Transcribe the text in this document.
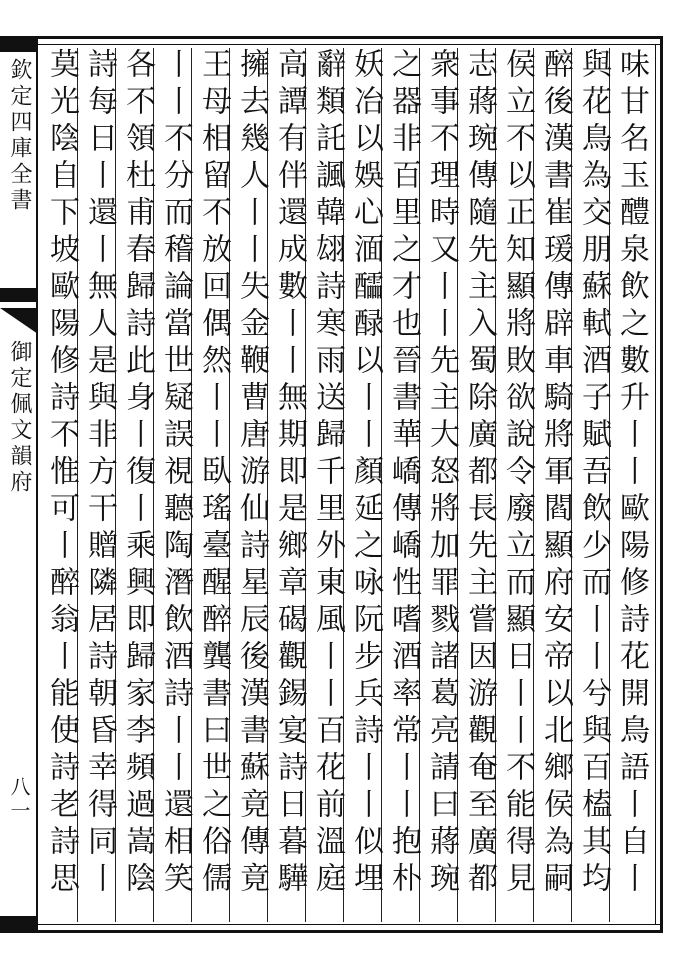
欽定四庫全書
御定佩文韻府
八一
味甘名玉醴泉飲之數升丨丨歐陽修詩花開鳥語丨自丨
與花鳥為交朋蘇軾酒子賦吾飲少而丨丨兮與百榼其均
醉後漢書崔瑗傳辟車騎將軍閻顯府安帝以北鄉侯為嗣
侯立不以正知顯將敗欲說令廢立而顯日丨丨不能得見
志蔣琬傳隨先主入蜀除廣都長先主嘗因游觀奄至廣都
衆事不理時又丨丨先主大怒將加罪戮諸葛亮請曰蔣琬
之器非百里之才也晉書華嶠傳嶠性嗜酒率常丨丨抱朴
妖冶以娛心湎醽醁以丨丨顏延之咏阮步兵詩丨丨似埋
辭類託諷韓翃詩寒雨送歸千里外東風丨丨百花前溫庭
高譚有伴還成數丨丨無期即是鄉章碣觀錫宴詩日暮驊
擁去幾人丨丨失金鞭曹唐游仙詩星辰後漢書蘇竟傳竟
王母相留不放回偶然丨丨臥瑤臺醒醉龔書曰世之俗儒
丨丨不分而稽論當世疑誤視聽陶潛飲酒詩丨丨還相笑
各不領杜甫春歸詩此身丨復丨乘興即歸家李頻過嵩陰
詩每日丨還丨無人是與非方干贈隣居詩朝昏幸得同丨
莫光陰自下坡歐陽修詩不惟可丨醉翁丨能使詩老詩思
